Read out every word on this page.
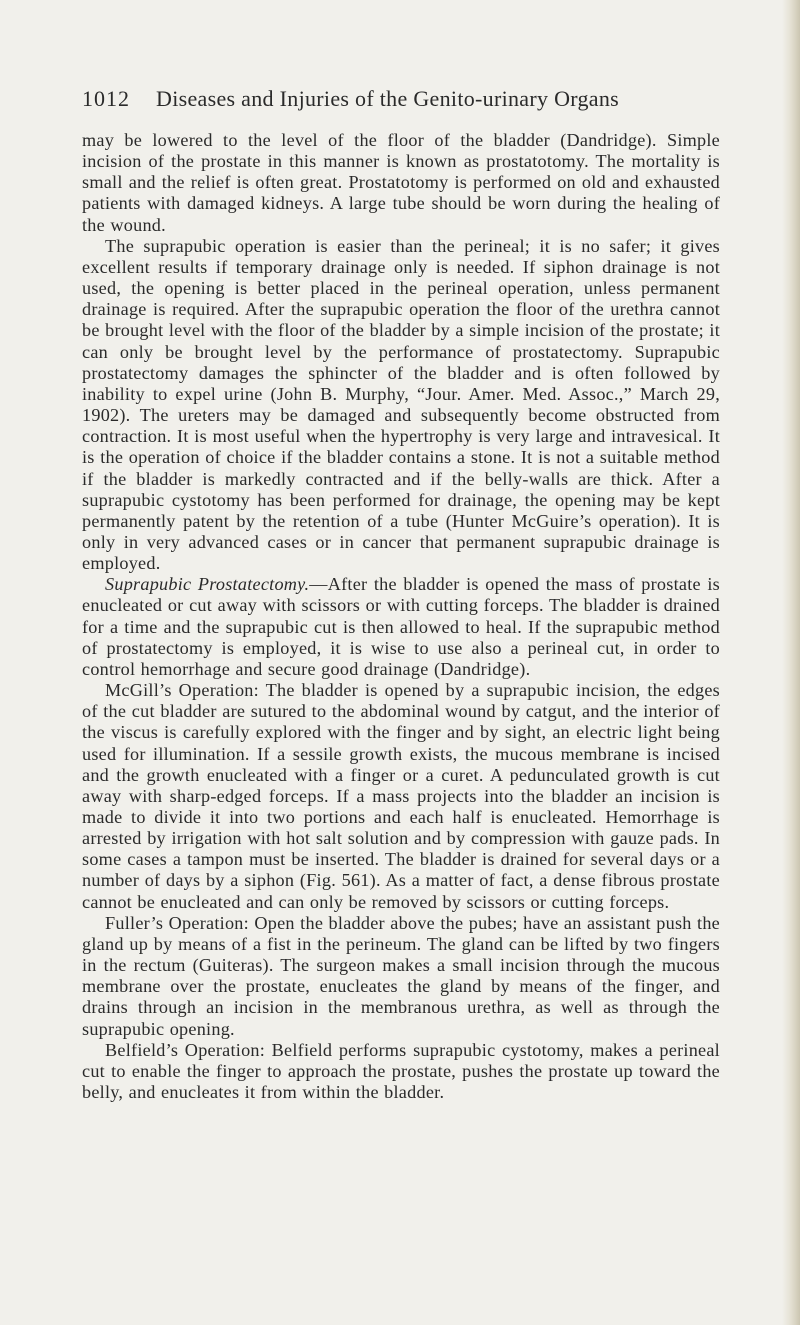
1012 Diseases and Injuries of the Genito-urinary Organs

may be lowered to the level of the floor of the bladder (Dandridge). Simple incision of the prostate in this manner is known as prostatotomy. The mortality is small and the relief is often great. Prostatotomy is performed on old and exhausted patients with damaged kidneys. A large tube should be worn during the healing of the wound.

The suprapubic operation is easier than the perineal; it is no safer; it gives excellent results if temporary drainage only is needed. If siphon drainage is not used, the opening is better placed in the perineal operation, unless permanent drainage is required. After the suprapubic operation the floor of the urethra cannot be brought level with the floor of the bladder by a simple incision of the prostate; it can only be brought level by the performance of prostatectomy. Suprapubic prostatectomy damages the sphincter of the bladder and is often followed by inability to expel urine (John B. Murphy, “Jour. Amer. Med. Assoc.,” March 29, 1902). The ureters may be damaged and subsequently become obstructed from contraction. It is most useful when the hypertrophy is very large and intravesical. It is the operation of choice if the bladder contains a stone. It is not a suitable method if the bladder is markedly contracted and if the belly-walls are thick. After a suprapubic cystotomy has been performed for drainage, the opening may be kept permanently patent by the retention of a tube (Hunter McGuire’s operation). It is only in very advanced cases or in cancer that permanent suprapubic drainage is employed.

Suprapubic Prostatectomy.—After the bladder is opened the mass of prostate is enucleated or cut away with scissors or with cutting forceps. The bladder is drained for a time and the suprapubic cut is then allowed to heal. If the suprapubic method of prostatectomy is employed, it is wise to use also a perineal cut, in order to control hemorrhage and secure good drainage (Dandridge).

McGill’s Operation: The bladder is opened by a suprapubic incision, the edges of the cut bladder are sutured to the abdominal wound by catgut, and the interior of the viscus is carefully explored with the finger and by sight, an electric light being used for illumination. If a sessile growth exists, the mucous membrane is incised and the growth enucleated with a finger or a curet. A pedunculated growth is cut away with sharp-edged forceps. If a mass projects into the bladder an incision is made to divide it into two portions and each half is enucleated. Hemorrhage is arrested by irrigation with hot salt solution and by compression with gauze pads. In some cases a tampon must be inserted. The bladder is drained for several days or a number of days by a siphon (Fig. 561). As a matter of fact, a dense fibrous prostate cannot be enucleated and can only be removed by scissors or cutting forceps.

Fuller’s Operation: Open the bladder above the pubes; have an assistant push the gland up by means of a fist in the perineum. The gland can be lifted by two fingers in the rectum (Guiteras). The surgeon makes a small incision through the mucous membrane over the prostate, enucleates the gland by means of the finger, and drains through an incision in the membranous urethra, as well as through the suprapubic opening.

Belfield’s Operation: Belfield performs suprapubic cystotomy, makes a perineal cut to enable the finger to approach the prostate, pushes the prostate up toward the belly, and enucleates it from within the bladder.
